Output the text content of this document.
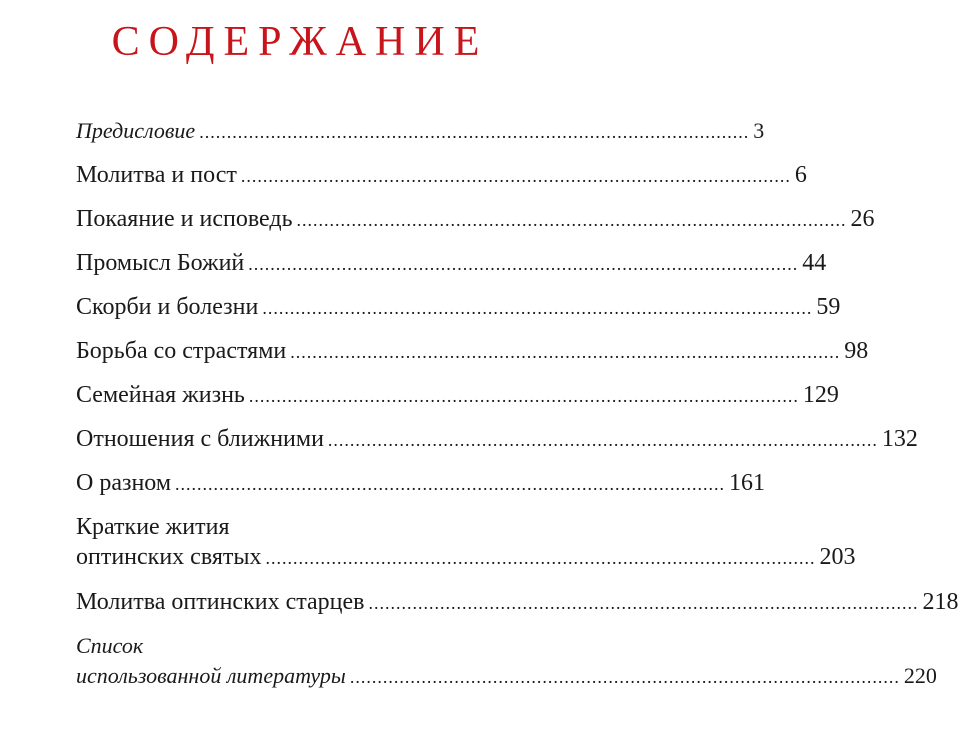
СОДЕРЖАНИЕ
Предисловие .................................................................................................... 3
Молитва и пост .................................................................................................... 6
Покаяние и исповедь .................................................................................................... 26
Промысл Божий .................................................................................................... 44
Скорби и болезни .................................................................................................... 59
Борьба со страстями .................................................................................................... 98
Семейная жизнь .................................................................................................... 129
Отношения с ближними .................................................................................................... 132
О разном .................................................................................................... 161
Краткие жития
оптинских святых .................................................................................................... 203
Молитва оптинских старцев .................................................................................................... 218
Список
использованной литературы .................................................................................................... 220
